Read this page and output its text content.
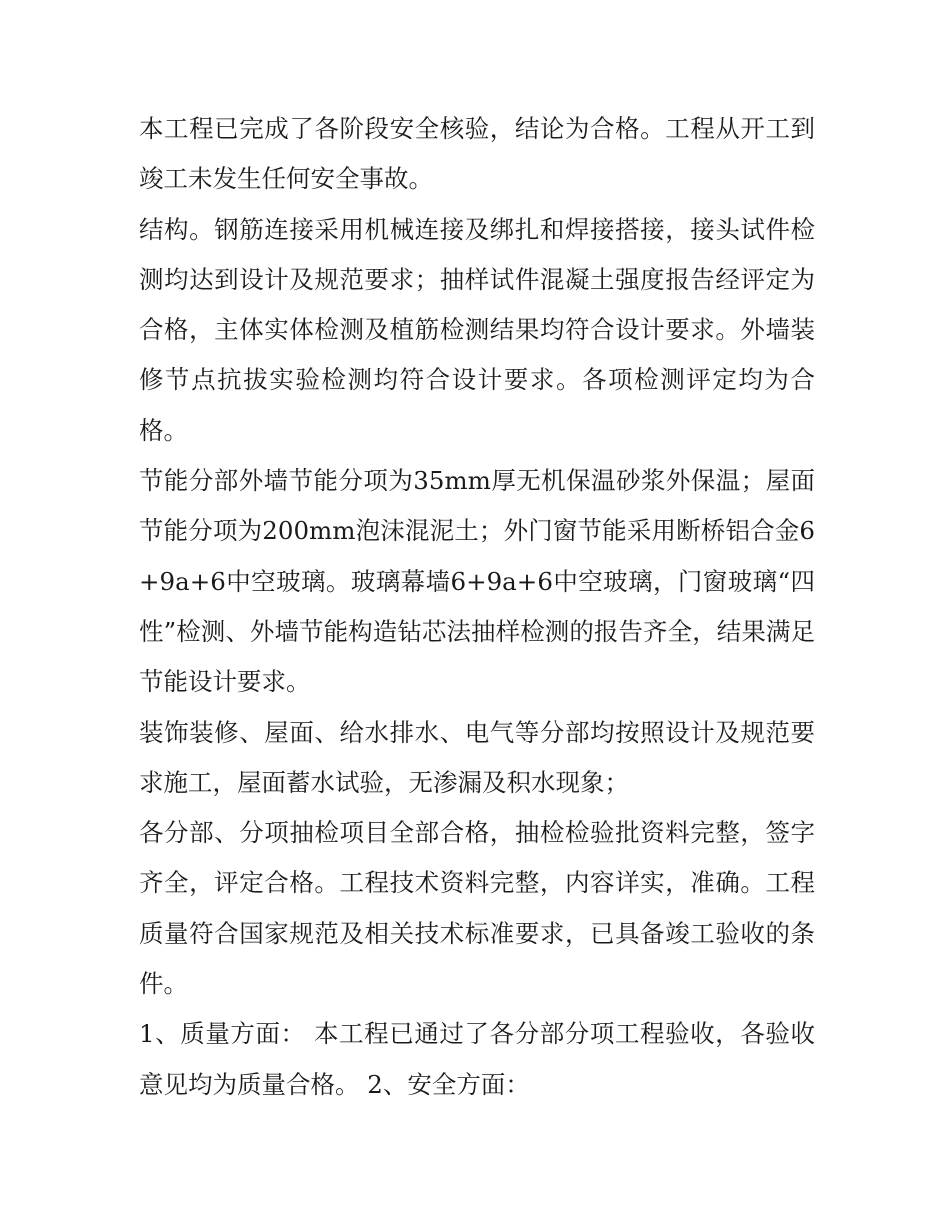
本工程已完成了各阶段安全核验，结论为合格。工程从开工到竣工未发生任何安全事故。

结构。钢筋连接采用机械连接及绑扎和焊接搭接，接头试件检测均达到设计及规范要求；抽样试件混凝土强度报告经评定为合格，主体实体检测及植筋检测结果均符合设计要求。外墙装修节点抗拔实验检测均符合设计要求。各项检测评定均为合格。

节能分部外墙节能分项为35mm厚无机保温砂浆外保温；屋面节能分项为200mm泡沫混泥土；外门窗节能采用断桥铝合金6+9a+6中空玻璃。玻璃幕墙6+9a+6中空玻璃，门窗玻璃“四性”检测、外墙节能构造钻芯法抽样检测的报告齐全，结果满足节能设计要求。

装饰装修、屋面、给水排水、电气等分部均按照设计及规范要求施工，屋面蓄水试验，无渗漏及积水现象；

各分部、分项抽检项目全部合格，抽检检验批资料完整，签字齐全，评定合格。工程技术资料完整，内容详实，准确。工程质量符合国家规范及相关技术标准要求，已具备竣工验收的条件。

1、质量方面： 本工程已通过了各分部分项工程验收，各验收意见均为质量合格。 2、安全方面：
